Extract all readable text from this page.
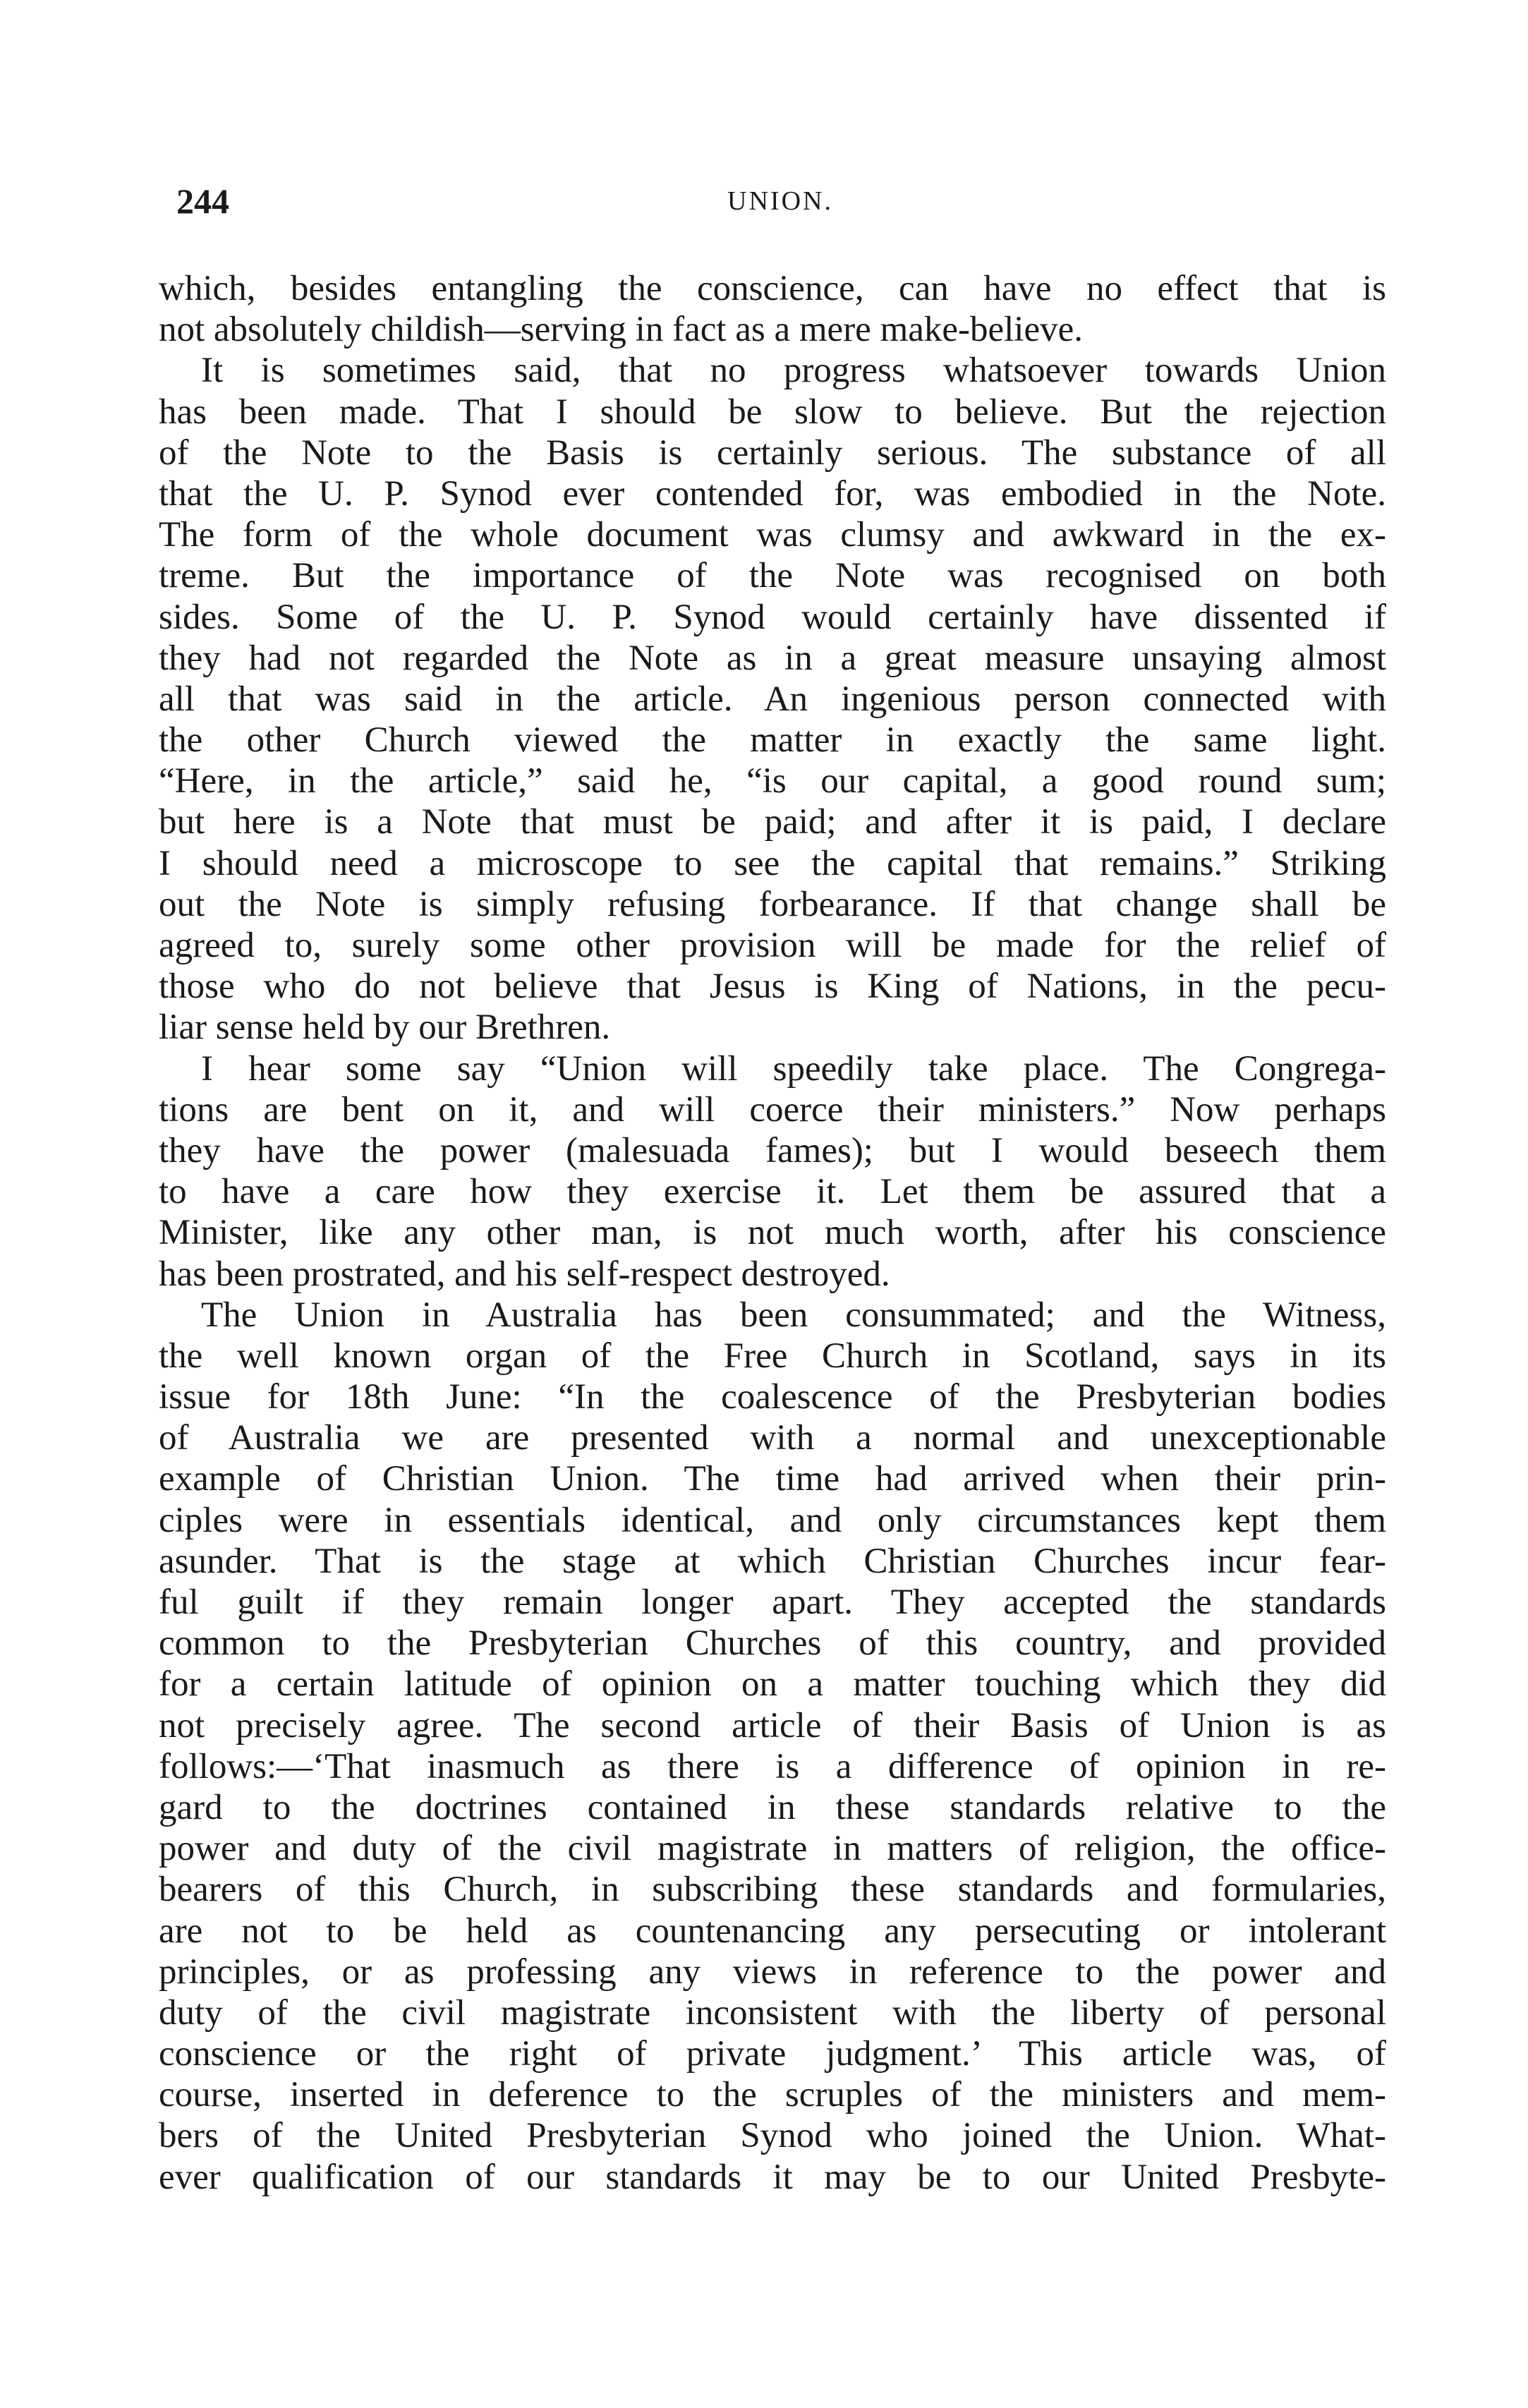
244	UNION.
which, besides entangling the conscience, can have no effect that is
not absolutely childish—serving in fact as a mere make-believe.
It is sometimes said, that no progress whatsoever towards Union
has been made. That I should be slow to believe. But the rejection
of the Note to the Basis is certainly serious. The substance of all
that the U. P. Synod ever contended for, was embodied in the Note.
The form of the whole document was clumsy and awkward in the ex-
treme. But the importance of the Note was recognised on both
sides. Some of the U. P. Synod would certainly have dissented if
they had not regarded the Note as in a great measure unsaying almost
all that was said in the article. An ingenious person connected with
the other Church viewed the matter in exactly the same light.
“Here, in the article,” said he, “is our capital, a good round sum;
but here is a Note that must be paid; and after it is paid, I declare
I should need a microscope to see the capital that remains.” Striking
out the Note is simply refusing forbearance. If that change shall be
agreed to, surely some other provision will be made for the relief of
those who do not believe that Jesus is King of Nations, in the pecu-
liar sense held by our Brethren.
I hear some say “Union will speedily take place. The Congrega-
tions are bent on it, and will coerce their ministers.” Now perhaps
they have the power (malesuada fames); but I would beseech them
to have a care how they exercise it. Let them be assured that a
Minister, like any other man, is not much worth, after his conscience
has been prostrated, and his self-respect destroyed.
The Union in Australia has been consummated; and the Witness,
the well known organ of the Free Church in Scotland, says in its
issue for 18th June: “In the coalescence of the Presbyterian bodies
of Australia we are presented with a normal and unexceptionable
example of Christian Union. The time had arrived when their prin-
ciples were in essentials identical, and only circumstances kept them
asunder. That is the stage at which Christian Churches incur fear-
ful guilt if they remain longer apart. They accepted the standards
common to the Presbyterian Churches of this country, and provided
for a certain latitude of opinion on a matter touching which they did
not precisely agree. The second article of their Basis of Union is as
follows:—‘That inasmuch as there is a difference of opinion in re-
gard to the doctrines contained in these standards relative to the
power and duty of the civil magistrate in matters of religion, the office-
bearers of this Church, in subscribing these standards and formularies,
are not to be held as countenancing any persecuting or intolerant
principles, or as professing any views in reference to the power and
duty of the civil magistrate inconsistent with the liberty of personal
conscience or the right of private judgment.’ This article was, of
course, inserted in deference to the scruples of the ministers and mem-
bers of the United Presbyterian Synod who joined the Union. What-
ever qualification of our standards it may be to our United Presbyte-
